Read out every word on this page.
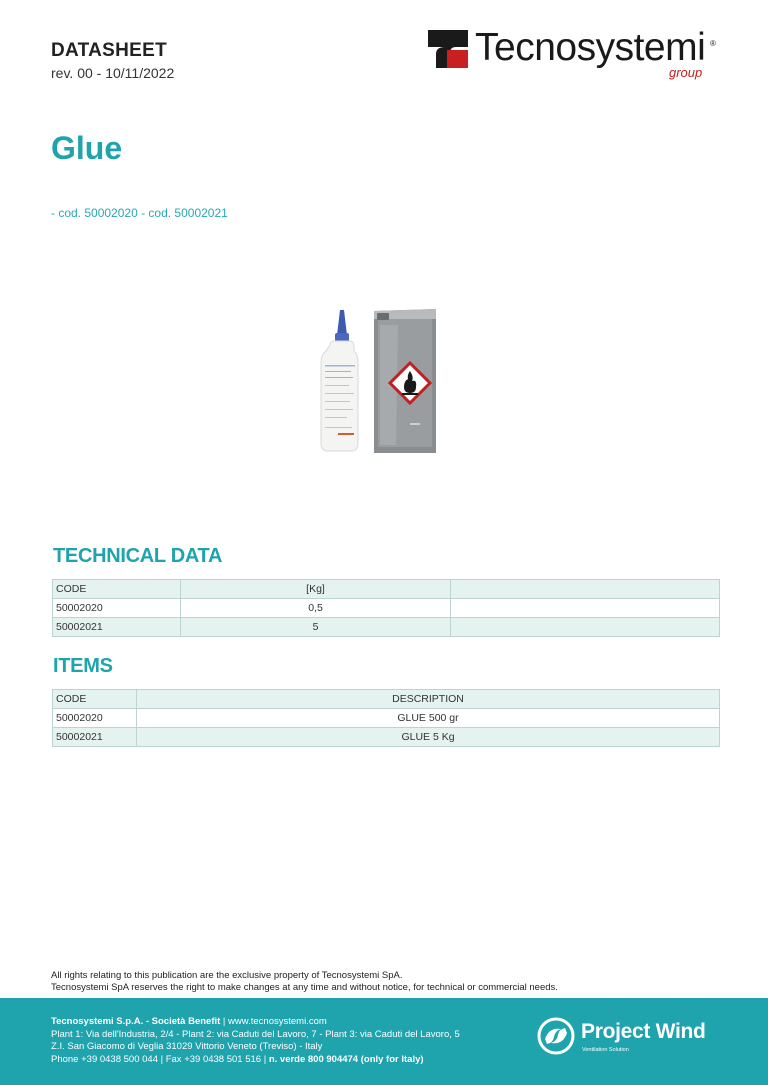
DATASHEET
rev. 00 - 10/11/2022
Tecnosystemi ®
group
Glue
- cod. 50002020 - cod. 50002021
TECHNICAL DATA
CODE	[Kg]	
50002020	0,5	
50002021	5	
ITEMS
CODE	DESCRIPTION
50002020	GLUE 500 gr
50002021	GLUE 5 Kg
All rights relating to this publication are the exclusive property of Tecnosystemi SpA.
Tecnosystemi SpA reserves the right to make changes at any time and without notice, for technical or commercial needs.
Tecnosystemi S.p.A. - Società Benefit | www.tecnosystemi.com
Plant 1: Via dell'Industria, 2/4 - Plant 2: via Caduti del Lavoro, 7 - Plant 3: via Caduti del Lavoro, 5
Z.I. San Giacomo di Veglia 31029 Vittorio Veneto (Treviso) - Italy
Phone +39 0438 500 044 | Fax +39 0438 501 516 | n. verde 800 904474 (only for Italy)
Project Wind
Ventilation Solution
